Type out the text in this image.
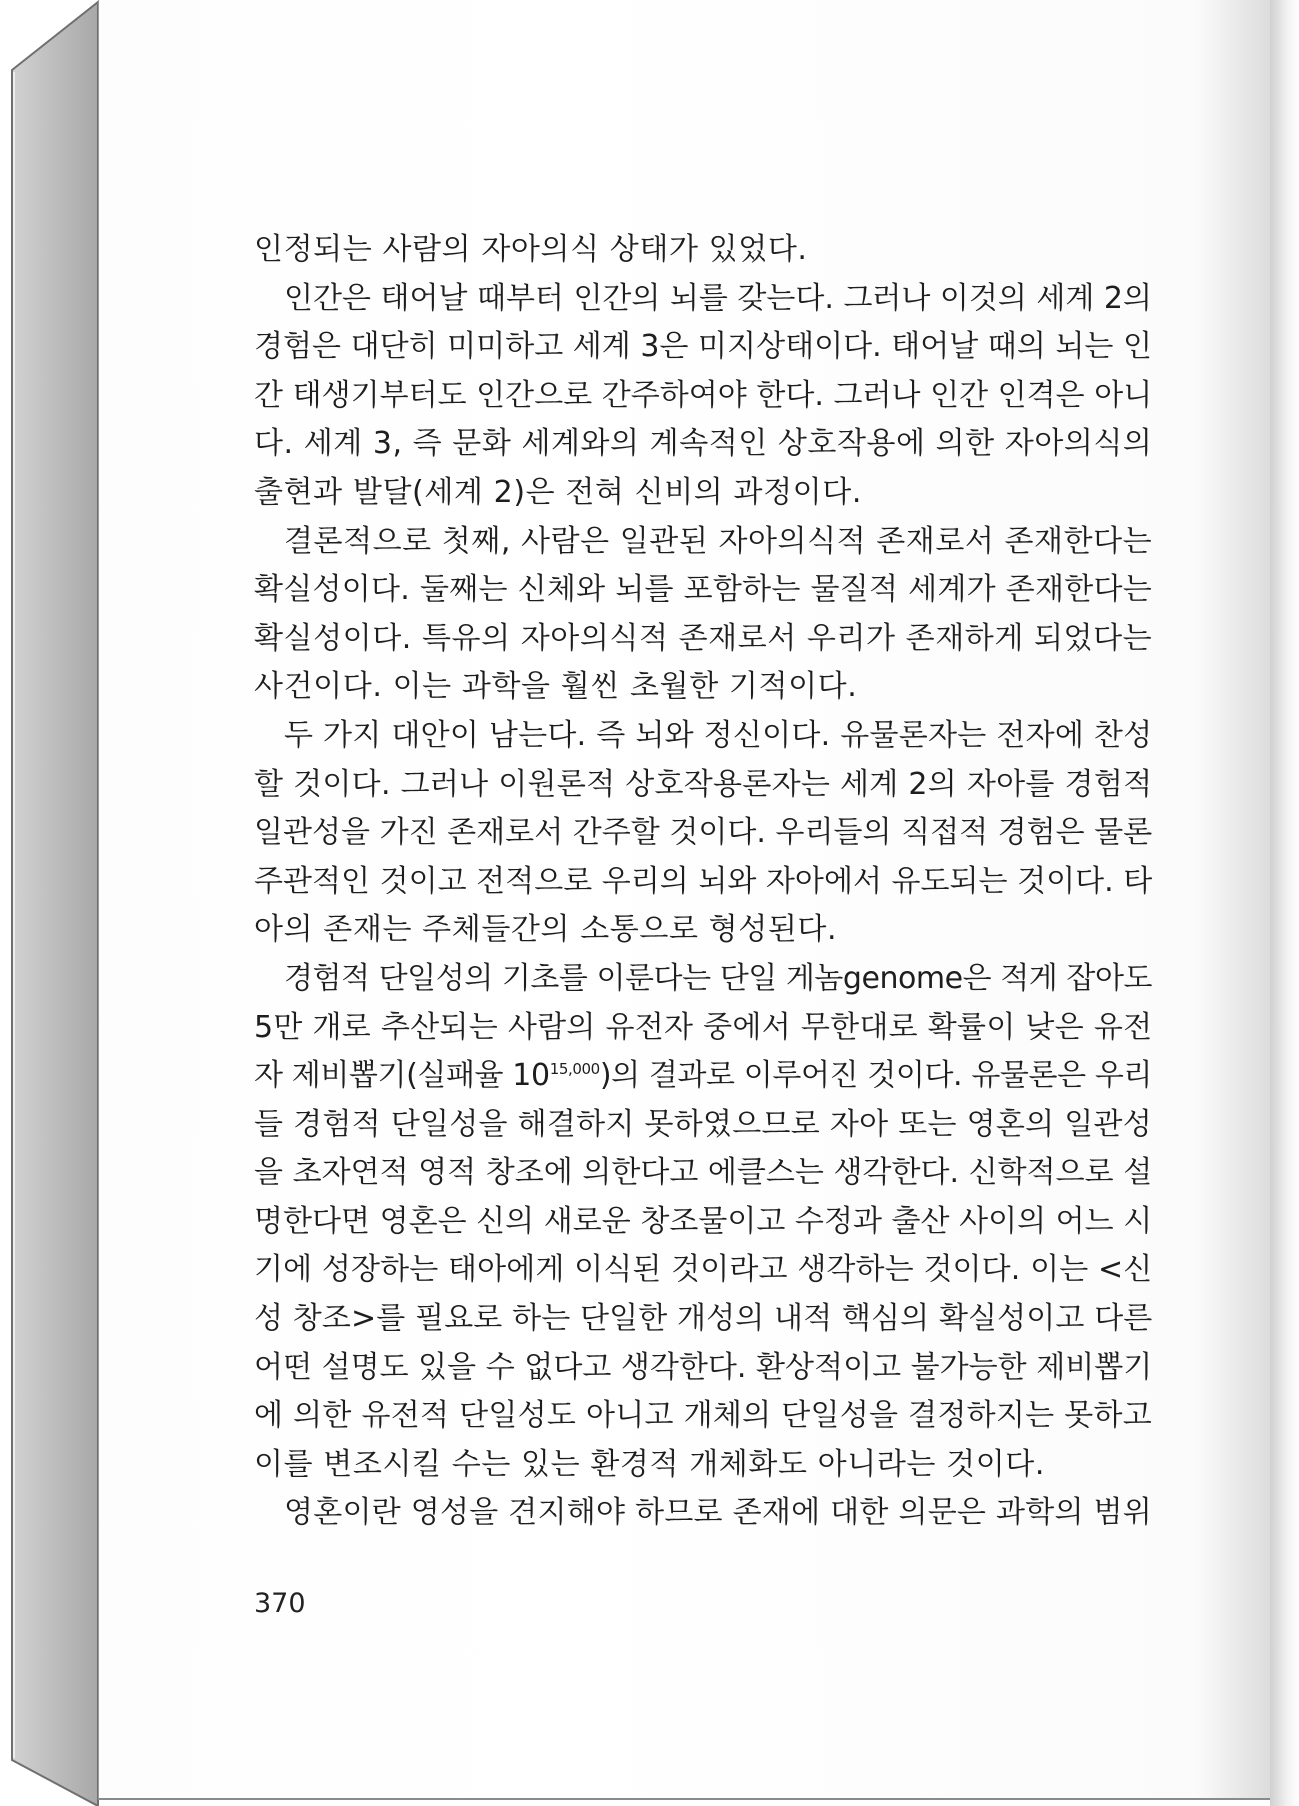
인정되는 사람의 자아의식 상태가 있었다.
인간은 태어날 때부터 인간의 뇌를 갖는다. 그러나 이것의 세계 2의
경험은 대단히 미미하고 세계 3은 미지상태이다. 태어날 때의 뇌는 인
간 태생기부터도 인간으로 간주하여야 한다. 그러나 인간 인격은 아니
다. 세계 3, 즉 문화 세계와의 계속적인 상호작용에 의한 자아의식의
출현과 발달(세계 2)은 전혀 신비의 과정이다.
결론적으로 첫째, 사람은 일관된 자아의식적 존재로서 존재한다는
확실성이다. 둘째는 신체와 뇌를 포함하는 물질적 세계가 존재한다는
확실성이다. 특유의 자아의식적 존재로서 우리가 존재하게 되었다는
사건이다. 이는 과학을 훨씬 초월한 기적이다.
두 가지 대안이 남는다. 즉 뇌와 정신이다. 유물론자는 전자에 찬성
할 것이다. 그러나 이원론적 상호작용론자는 세계 2의 자아를 경험적
일관성을 가진 존재로서 간주할 것이다. 우리들의 직접적 경험은 물론
주관적인 것이고 전적으로 우리의 뇌와 자아에서 유도되는 것이다. 타
아의 존재는 주체들간의 소통으로 형성된다.
경험적 단일성의 기초를 이룬다는 단일 게놈genome은 적게 잡아도
5만 개로 추산되는 사람의 유전자 중에서 무한대로 확률이 낮은 유전
자 제비뽑기(실패율 10$^{15,000}$)의 결과로 이루어진 것이다. 유물론은 우리
들 경험적 단일성을 해결하지 못하였으므로 자아 또는 영혼의 일관성
을 초자연적 영적 창조에 의한다고 에클스는 생각한다. 신학적으로 설
명한다면 영혼은 신의 새로운 창조물이고 수정과 출산 사이의 어느 시
기에 성장하는 태아에게 이식된 것이라고 생각하는 것이다. 이는 <신
성 창조>를 필요로 하는 단일한 개성의 내적 핵심의 확실성이고 다른
어떤 설명도 있을 수 없다고 생각한다. 환상적이고 불가능한 제비뽑기
에 의한 유전적 단일성도 아니고 개체의 단일성을 결정하지는 못하고
이를 변조시킬 수는 있는 환경적 개체화도 아니라는 것이다.
영혼이란 영성을 견지해야 하므로 존재에 대한 의문은 과학의 범위
370
